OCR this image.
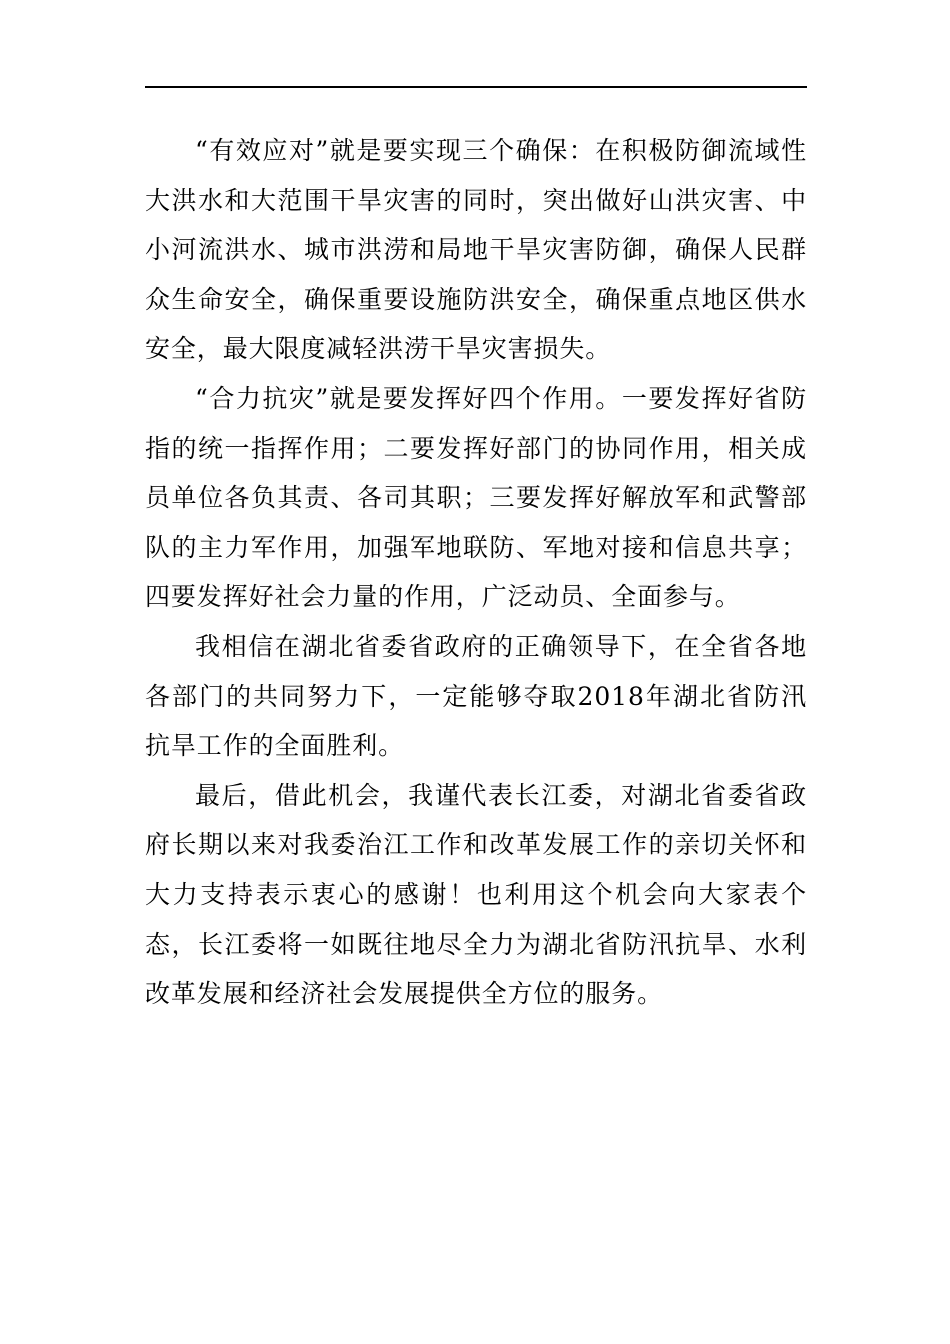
“有效应对”就是要实现三个确保：在积极防御流域性大洪水和大范围干旱灾害的同时，突出做好山洪灾害、中小河流洪水、城市洪涝和局地干旱灾害防御，确保人民群众生命安全，确保重要设施防洪安全，确保重点地区供水安全，最大限度减轻洪涝干旱灾害损失。

“合力抗灾”就是要发挥好四个作用。一要发挥好省防指的统一指挥作用；二要发挥好部门的协同作用，相关成员单位各负其责、各司其职；三要发挥好解放军和武警部队的主力军作用，加强军地联防、军地对接和信息共享；四要发挥好社会力量的作用，广泛动员、全面参与。

我相信在湖北省委省政府的正确领导下，在全省各地各部门的共同努力下，一定能够夺取2018年湖北省防汛抗旱工作的全面胜利。

最后，借此机会，我谨代表长江委，对湖北省委省政府长期以来对我委治江工作和改革发展工作的亲切关怀和大力支持表示衷心的感谢！也利用这个机会向大家表个态，长江委将一如既往地尽全力为湖北省防汛抗旱、水利改革发展和经济社会发展提供全方位的服务。
